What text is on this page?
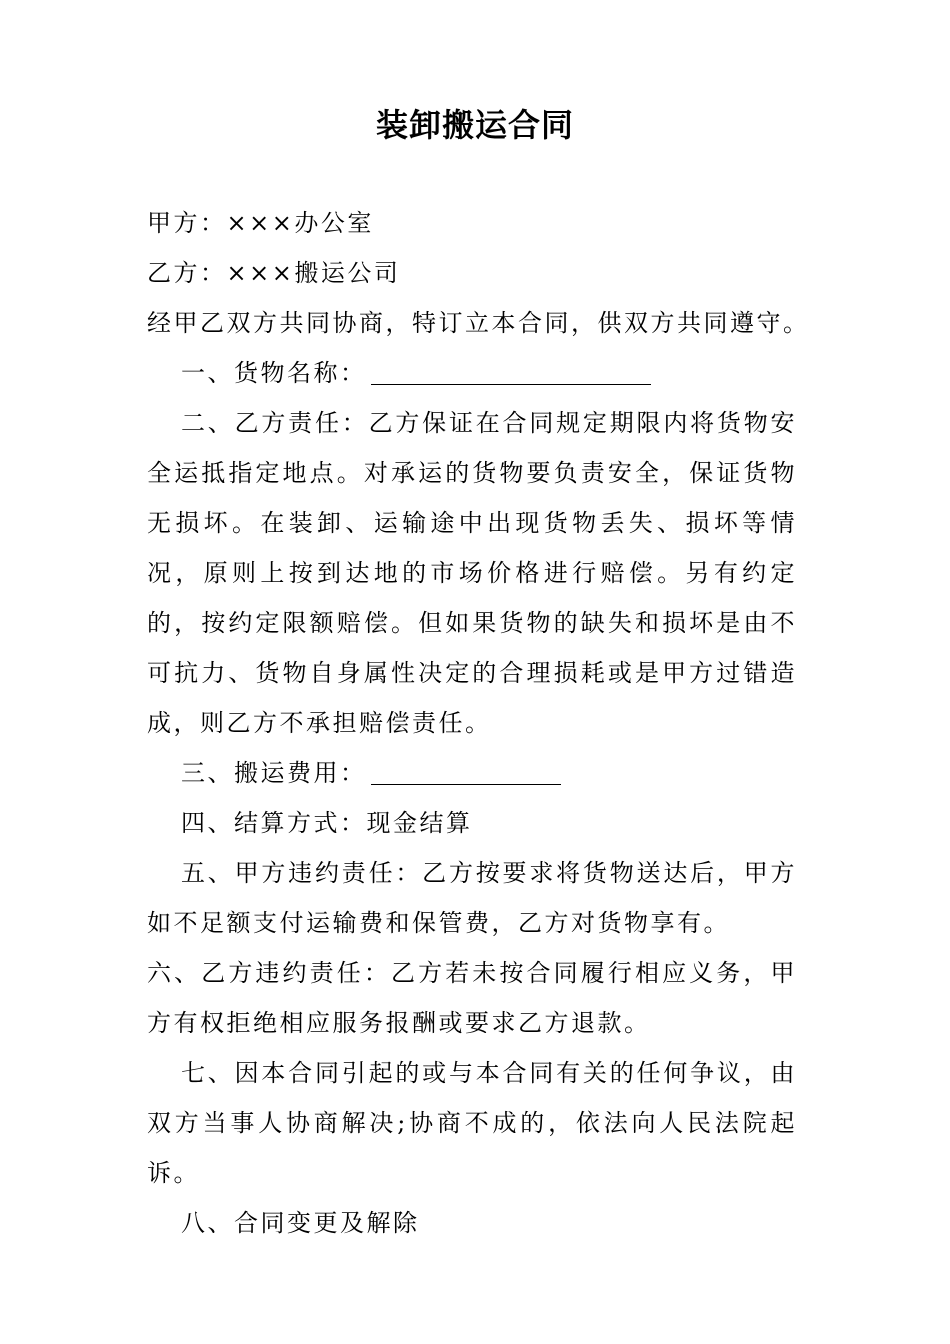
装卸搬运合同
甲方：×××办公室
乙方：×××搬运公司
经甲乙双方共同协商，特订立本合同，供双方共同遵守。
一、货物名称：
二、乙方责任：乙方保证在合同规定期限内将货物安全运抵指定地点。对承运的货物要负责安全，保证货物无损坏。在装卸、运输途中出现货物丢失、损坏等情况，原则上按到达地的市场价格进行赔偿。另有约定的，按约定限额赔偿。但如果货物的缺失和损坏是由不可抗力、货物自身属性决定的合理损耗或是甲方过错造成，则乙方不承担赔偿责任。
三、搬运费用：
四、结算方式：现金结算
五、甲方违约责任：乙方按要求将货物送达后，甲方如不足额支付运输费和保管费，乙方对货物享有。
六、乙方违约责任：乙方若未按合同履行相应义务，甲方有权拒绝相应服务报酬或要求乙方退款。
七、因本合同引起的或与本合同有关的任何争议，由双方当事人协商解决;协商不成的，依法向人民法院起诉。
八、合同变更及解除
